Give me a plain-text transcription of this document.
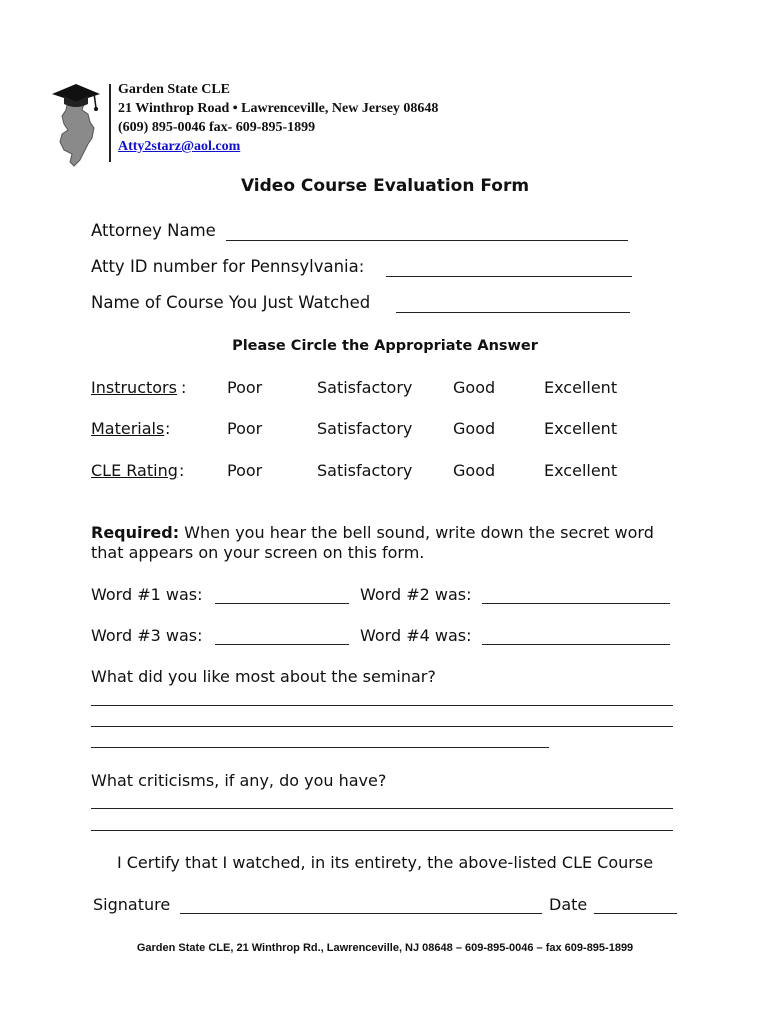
Garden State CLE
21 Winthrop Road • Lawrenceville, New Jersey 08648
(609) 895-0046 fax- 609-895-1899
Atty2starz@aol.com
Video Course Evaluation Form
Attorney Name
Atty ID number for Pennsylvania:
Name of Course You Just Watched
Please Circle the Appropriate Answer
Instructors :	Poor	Satisfactory	Good	Excellent
Materials :	Poor	Satisfactory	Good	Excellent
CLE Rating :	Poor	Satisfactory	Good	Excellent
Required: When you hear the bell sound, write down the secret word
that appears on your screen on this form.
Word #1 was:	Word #2 was:
Word #3 was:	Word #4 was:
What did you like most about the seminar?
What criticisms, if any, do you have?
I Certify that I watched, in its entirety, the above-listed CLE Course
Signature	Date
Garden State CLE, 21 Winthrop Rd., Lawrenceville, NJ 08648 – 609-895-0046 – fax 609-895-1899
